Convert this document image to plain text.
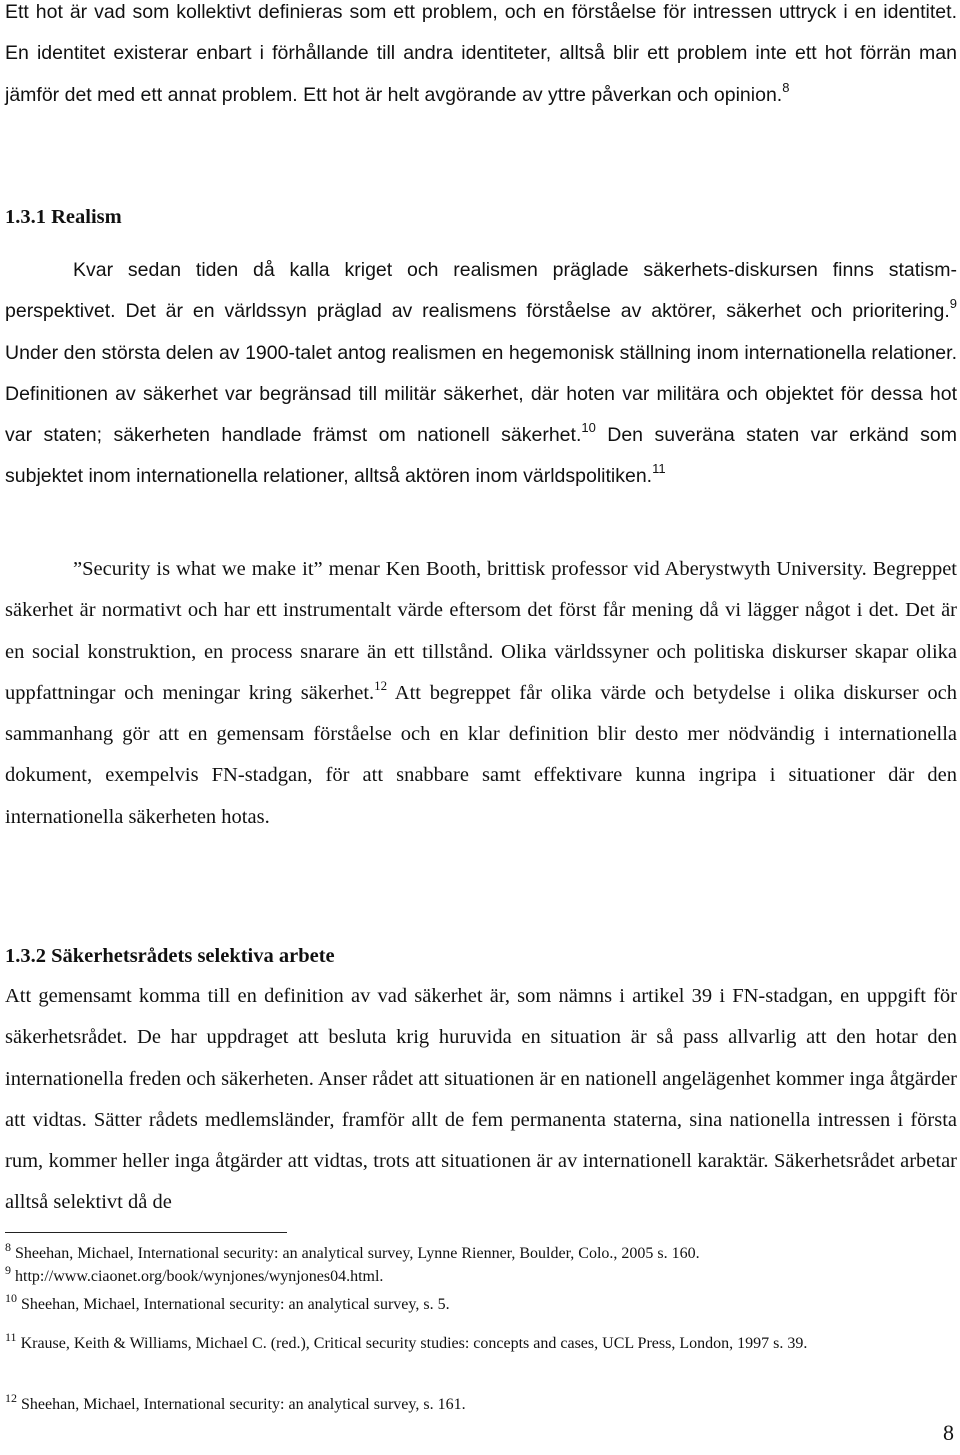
Ett hot är vad som kollektivt definieras som ett problem, och en förståelse för intressen uttryck i en identitet. En identitet existerar enbart i förhållande till andra identiteter, alltså blir ett problem inte ett hot förrän man jämför det med ett annat problem. Ett hot är helt avgörande av yttre påverkan och opinion.$^8$

1.3.1 Realism

Kvar sedan tiden då kalla kriget och realismen präglade säkerhets-diskursen finns statism-perspektivet. Det är en världssyn präglad av realismens förståelse av aktörer, säkerhet och prioritering.$^9$ Under den största delen av 1900-talet antog realismen en hegemonisk ställning inom internationella relationer. Definitionen av säkerhet var begränsad till militär säkerhet, där hoten var militära och objektet för dessa hot var staten; säkerheten handlade främst om nationell säkerhet.$^{10}$ Den suveräna staten var erkänd som subjektet inom internationella relationer, alltså aktören inom världspolitiken.$^{11}$

”Security is what we make it” menar Ken Booth, brittisk professor vid Aberystwyth University. Begreppet säkerhet är normativt och har ett instrumentalt värde eftersom det först får mening då vi lägger något i det. Det är en social konstruktion, en process snarare än ett tillstånd. Olika världssyner och politiska diskurser skapar olika uppfattningar och meningar kring säkerhet.$^{12}$ Att begreppet får olika värde och betydelse i olika diskurser och sammanhang gör att en gemensam förståelse och en klar definition blir desto mer nödvändig i internationella dokument, exempelvis FN-stadgan, för att snabbare samt effektivare kunna ingripa i situationer där den internationella säkerheten hotas.

1.3.2 Säkerhetsrådets selektiva arbete

Att gemensamt komma till en definition av vad säkerhet är, som nämns i artikel 39 i FN-stadgan, en uppgift för säkerhetsrådet. De har uppdraget att besluta krig huruvida en situation är så pass allvarlig att den hotar den internationella freden och säkerheten. Anser rådet att situationen är en nationell angelägenhet kommer inga åtgärder att vidtas. Sätter rådets medlemsländer, framför allt de fem permanenta staterna, sina nationella intressen i första rum, kommer heller inga åtgärder att vidtas, trots att situationen är av internationell karaktär. Säkerhetsrådet arbetar alltså selektivt då de

$^8$ Sheehan, Michael, International security: an analytical survey, Lynne Rienner, Boulder, Colo., 2005 s. 160.

$^9$ http://www.ciaonet.org/book/wynjones/wynjones04.html.

$^{10}$ Sheehan, Michael, International security: an analytical survey, s. 5.

$^{11}$ Krause, Keith & Williams, Michael C. (red.), Critical security studies: concepts and cases, UCL Press, London, 1997 s. 39.

$^{12}$ Sheehan, Michael, International security: an analytical survey, s. 161.

8
